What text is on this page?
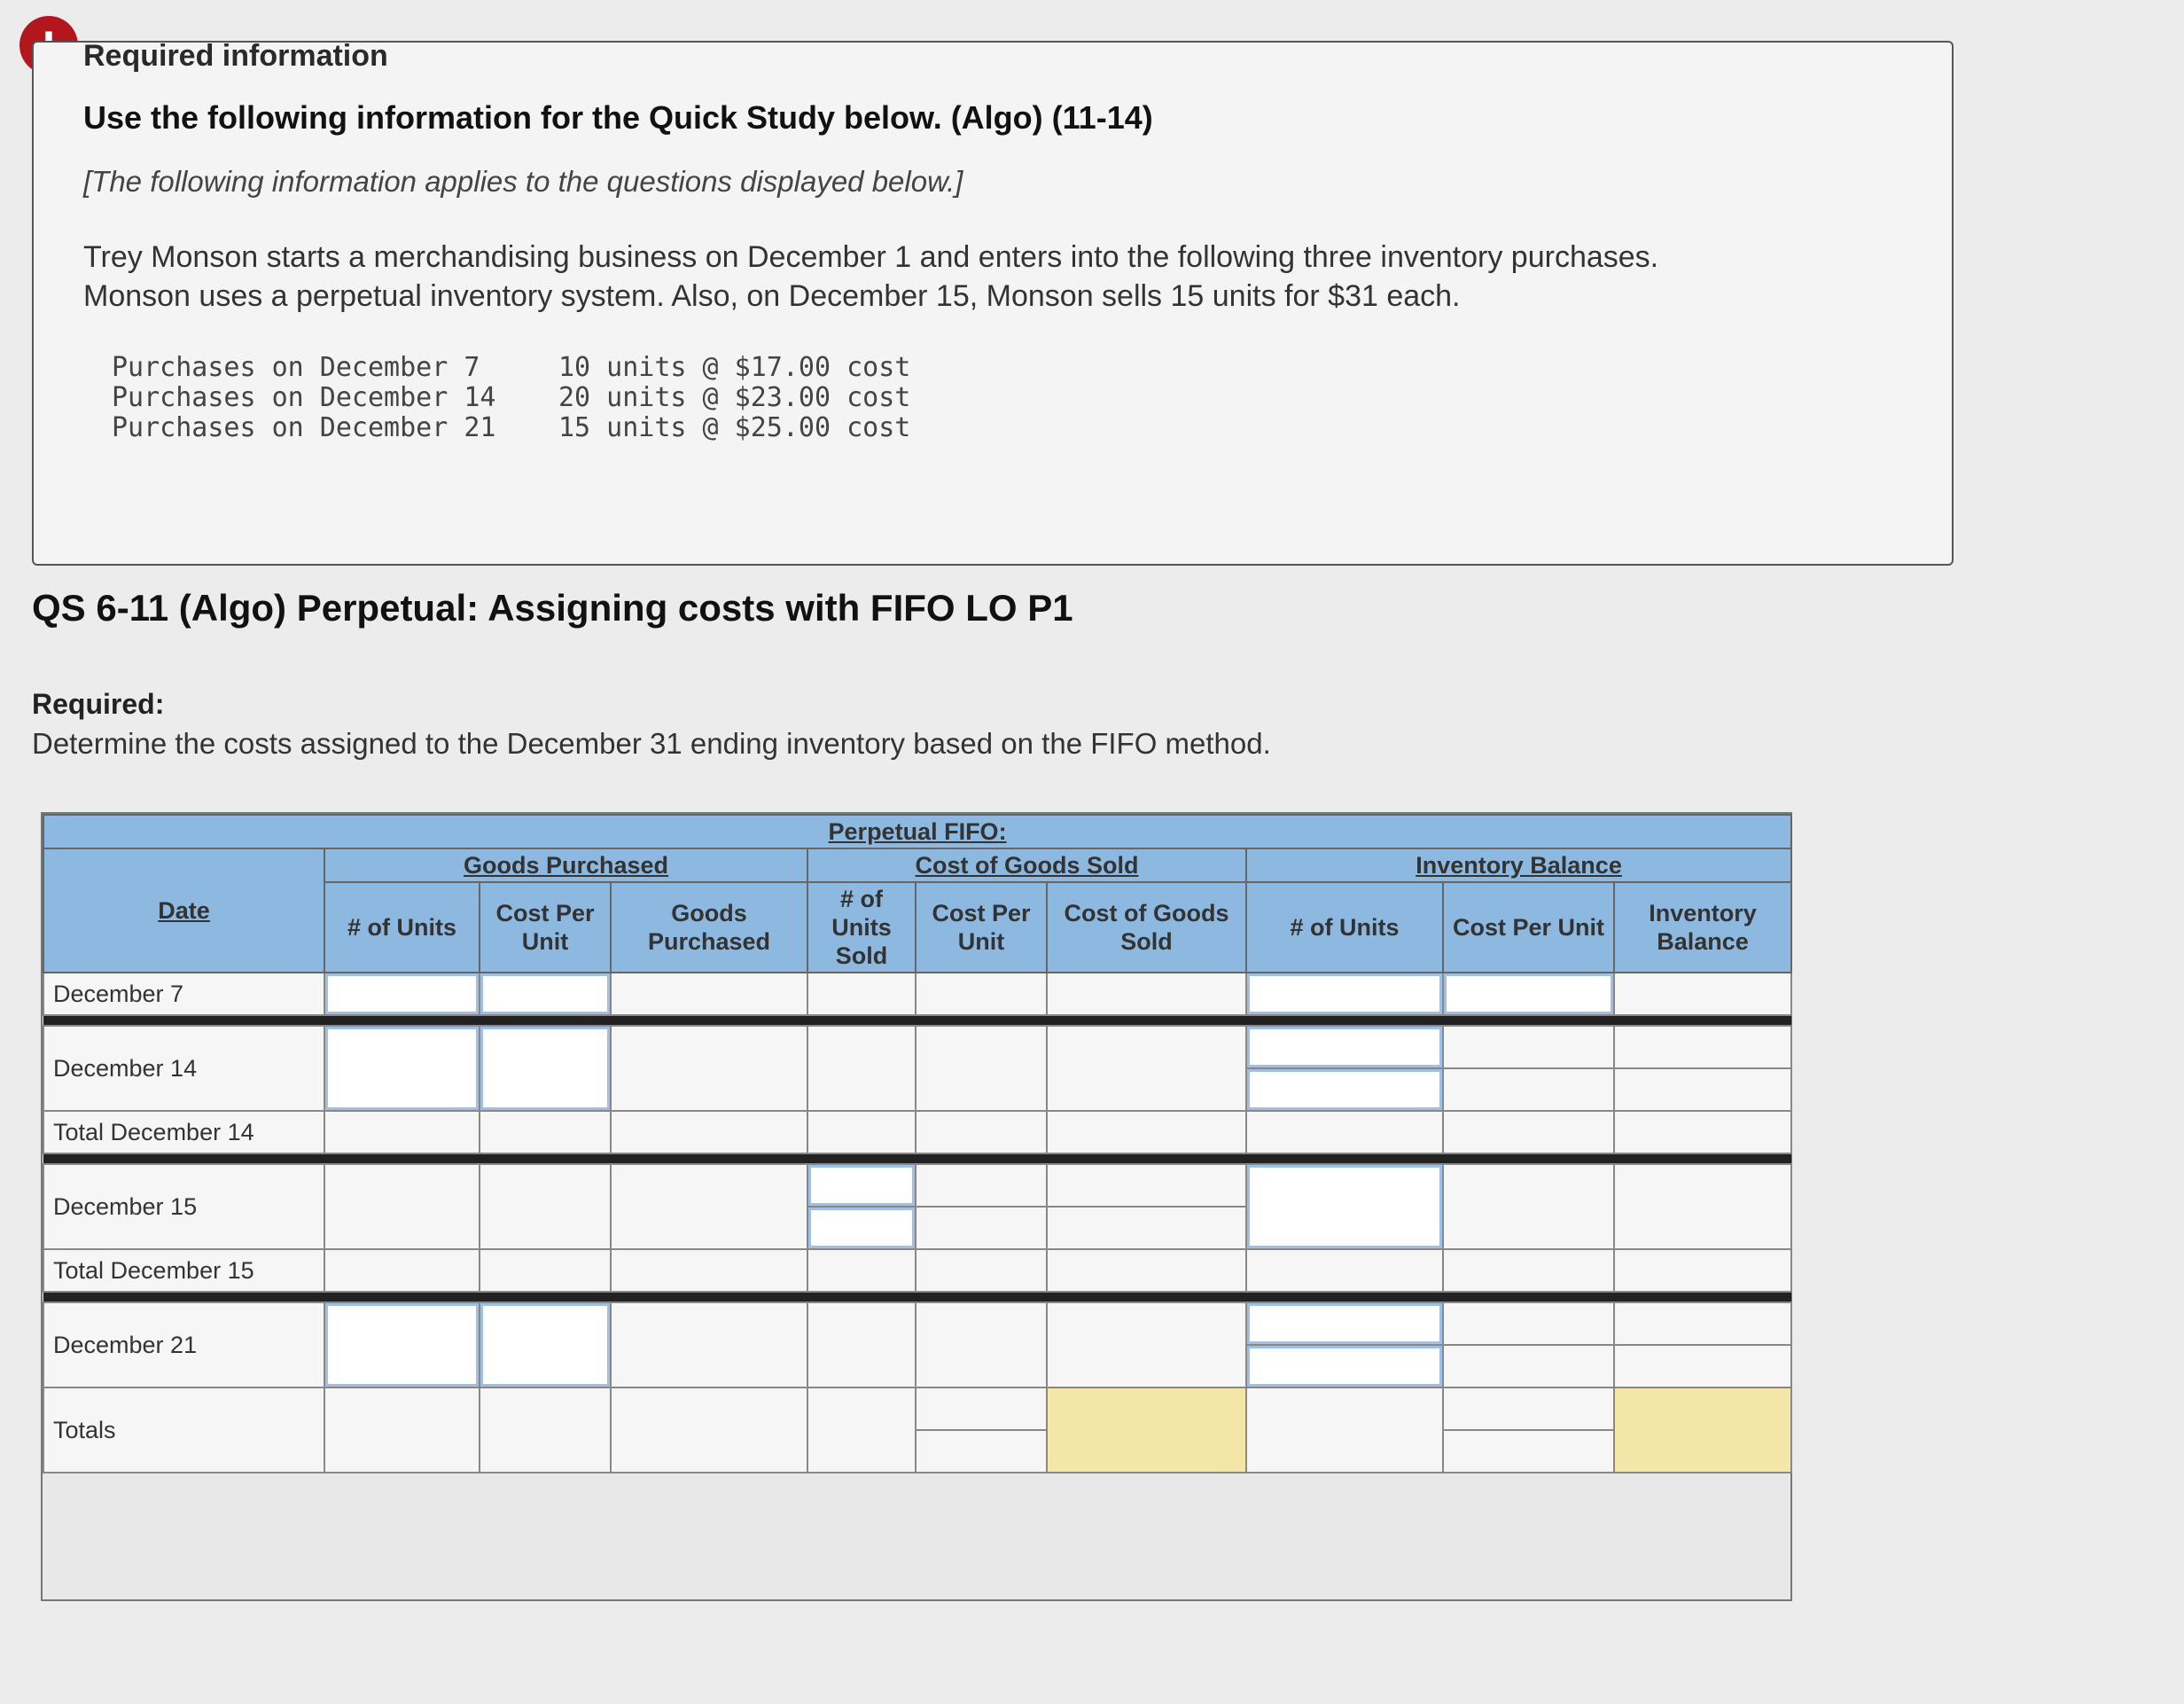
Required information
Use the following information for the Quick Study below. (Algo) (11-14)
[The following information applies to the questions displayed below.]
Trey Monson starts a merchandising business on December 1 and enters into the following three inventory purchases.
Monson uses a perpetual inventory system. Also, on December 15, Monson sells 15 units for $31 each.
Purchases on December 7	10 units @ $17.00 cost
Purchases on December 14	20 units @ $23.00 cost
Purchases on December 21	15 units @ $25.00 cost
QS 6-11 (Algo) Perpetual: Assigning costs with FIFO LO P1
Required:
Determine the costs assigned to the December 31 ending inventory based on the FIFO method.
Perpetual FIFO:									
Date	Goods Purchased			Cost of Goods Sold			Inventory Balance		
	# of Units	Cost Per Unit	Goods Purchased	# of Units Sold	Cost Per Unit	Cost of Goods Sold	# of Units	Cost Per Unit	Inventory Balance
December 7									

December 14									

Total December 14									

December 15									

Total December 15									

December 21									

Totals									
